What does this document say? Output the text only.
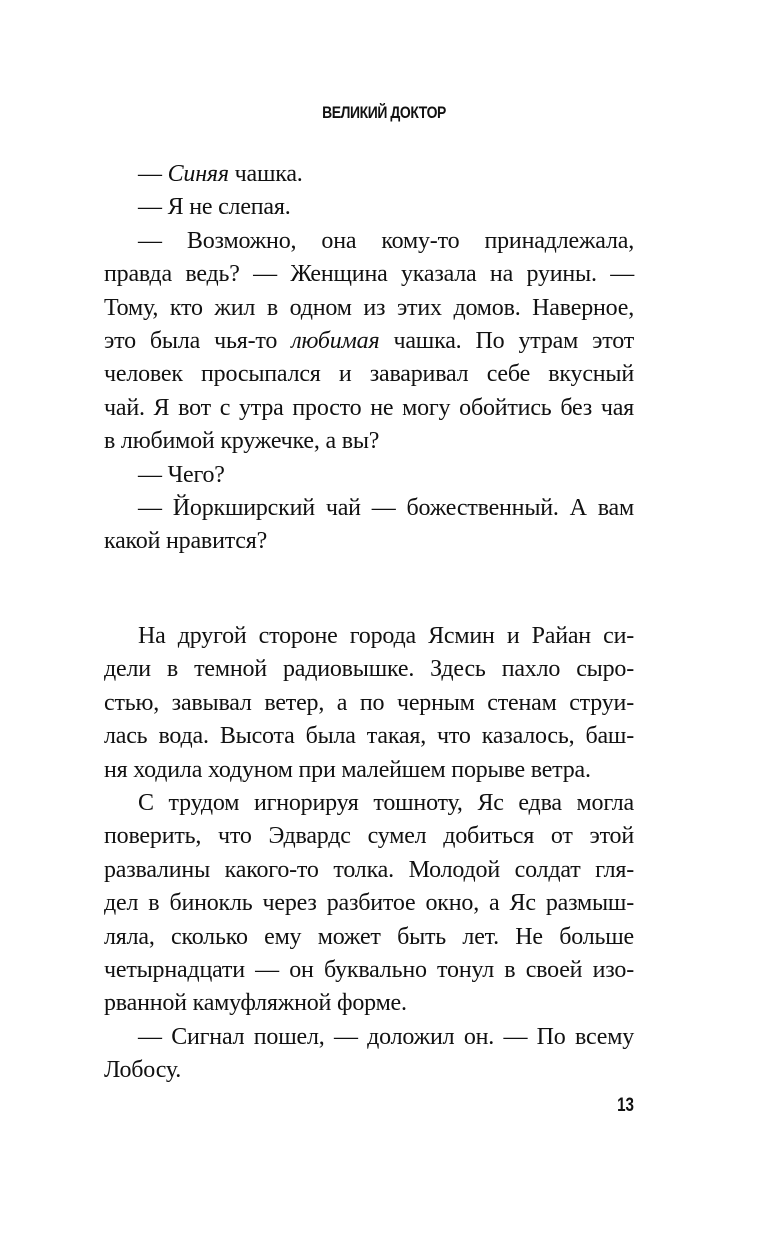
ВЕЛИКИЙ ДОКТОР

— Синяя чашка.

— Я не слепая.

— Возможно, она кому-то принадлежала,
правда ведь? — Женщина указала на руины. —
Тому, кто жил в одном из этих домов. Наверное,
это была чья-то любимая чашка. По утрам этот
человек просыпался и заваривал себе вкусный
чай. Я вот с утра просто не могу обойтись без чая
в любимой кружечке, а вы?

— Чего?

— Йоркширский чай — божественный. А вам
какой нравится?

На другой стороне города Ясмин и Райан си-
дели в темной радиовышке. Здесь пахло сыро-
стью, завывал ветер, а по черным стенам струи-
лась вода. Высота была такая, что казалось, баш-
ня ходила ходуном при малейшем порыве ветра.

С трудом игнорируя тошноту, Яс едва могла
поверить, что Эдвардс сумел добиться от этой
развалины какого-то толка. Молодой солдат гля-
дел в бинокль через разбитое окно, а Яс размыш-
ляла, сколько ему может быть лет. Не больше
четырнадцати — он буквально тонул в своей изо-
рванной камуфляжной форме.

— Сигнал пошел, — доложил он. — По всему
Лобосу.

13
